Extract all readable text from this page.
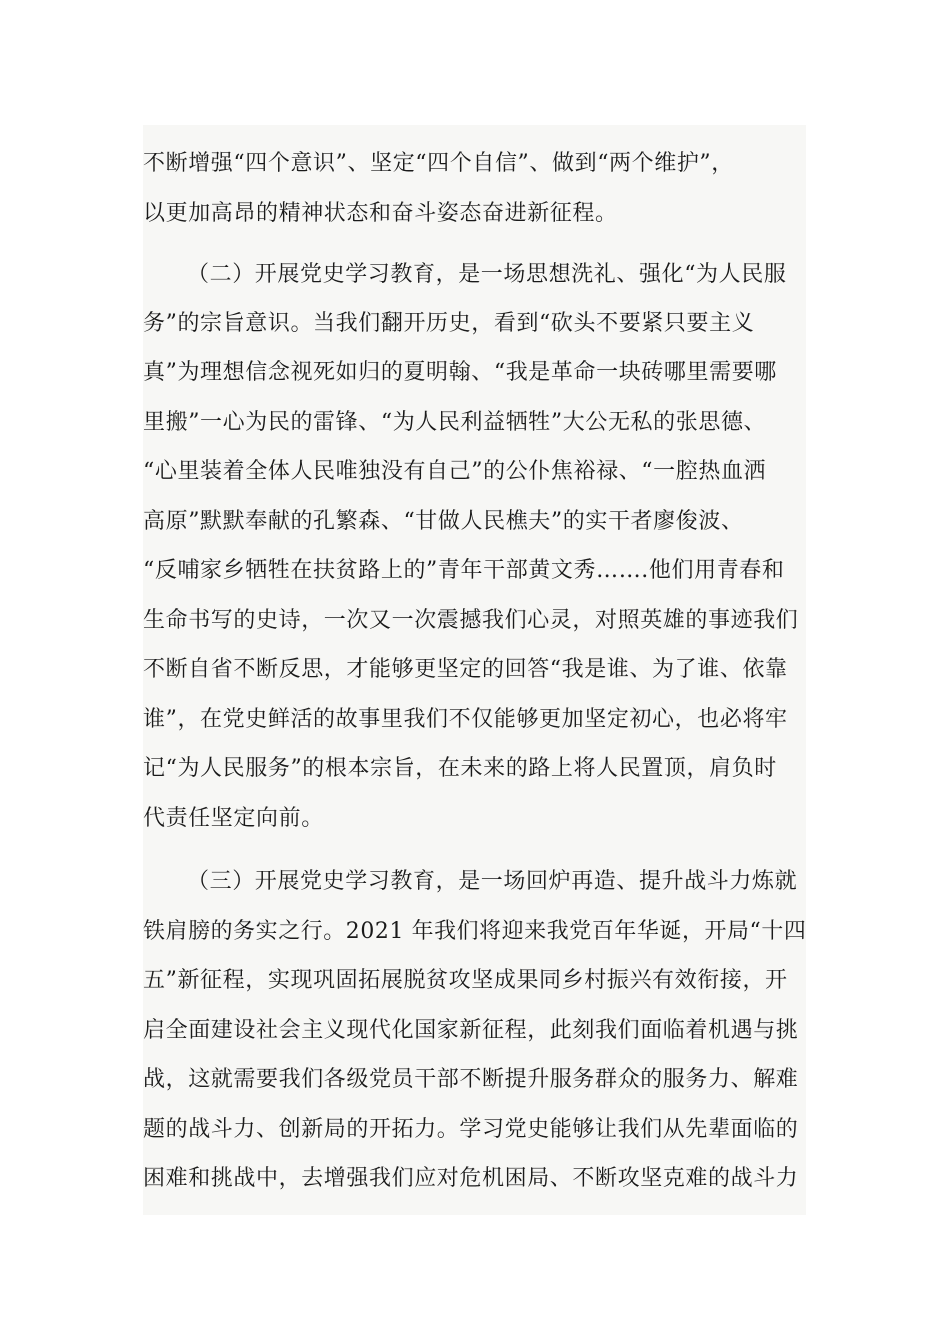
不断增强“四个意识”、坚定“四个自信”、做到“两个维护”，
以更加高昂的精神状态和奋斗姿态奋进新征程。
（二）开展党史学习教育，是一场思想洗礼、强化“为人民服
务”的宗旨意识。当我们翻开历史，看到“砍头不要紧只要主义
真”为理想信念视死如归的夏明翰、“我是革命一块砖哪里需要哪
里搬”一心为民的雷锋、“为人民利益牺牲”大公无私的张思德、
“心里装着全体人民唯独没有自己”的公仆焦裕禄、“一腔热血洒
高原”默默奉献的孔繁森、“甘做人民樵夫”的实干者廖俊波、
“反哺家乡牺牲在扶贫路上的”青年干部黄文秀…….他们用青春和
生命书写的史诗，一次又一次震撼我们心灵，对照英雄的事迹我们
不断自省不断反思，才能够更坚定的回答“我是谁、为了谁、依靠
谁”，在党史鲜活的故事里我们不仅能够更加坚定初心，也必将牢
记“为人民服务”的根本宗旨，在未来的路上将人民置顶，肩负时
代责任坚定向前。
（三）开展党史学习教育，是一场回炉再造、提升战斗力炼就
铁肩膀的务实之行。2021 年我们将迎来我党百年华诞，开局“十四
五”新征程，实现巩固拓展脱贫攻坚成果同乡村振兴有效衔接，开
启全面建设社会主义现代化国家新征程，此刻我们面临着机遇与挑
战，这就需要我们各级党员干部不断提升服务群众的服务力、解难
题的战斗力、创新局的开拓力。学习党史能够让我们从先辈面临的
困难和挑战中，去增强我们应对危机困局、不断攻坚克难的战斗力
